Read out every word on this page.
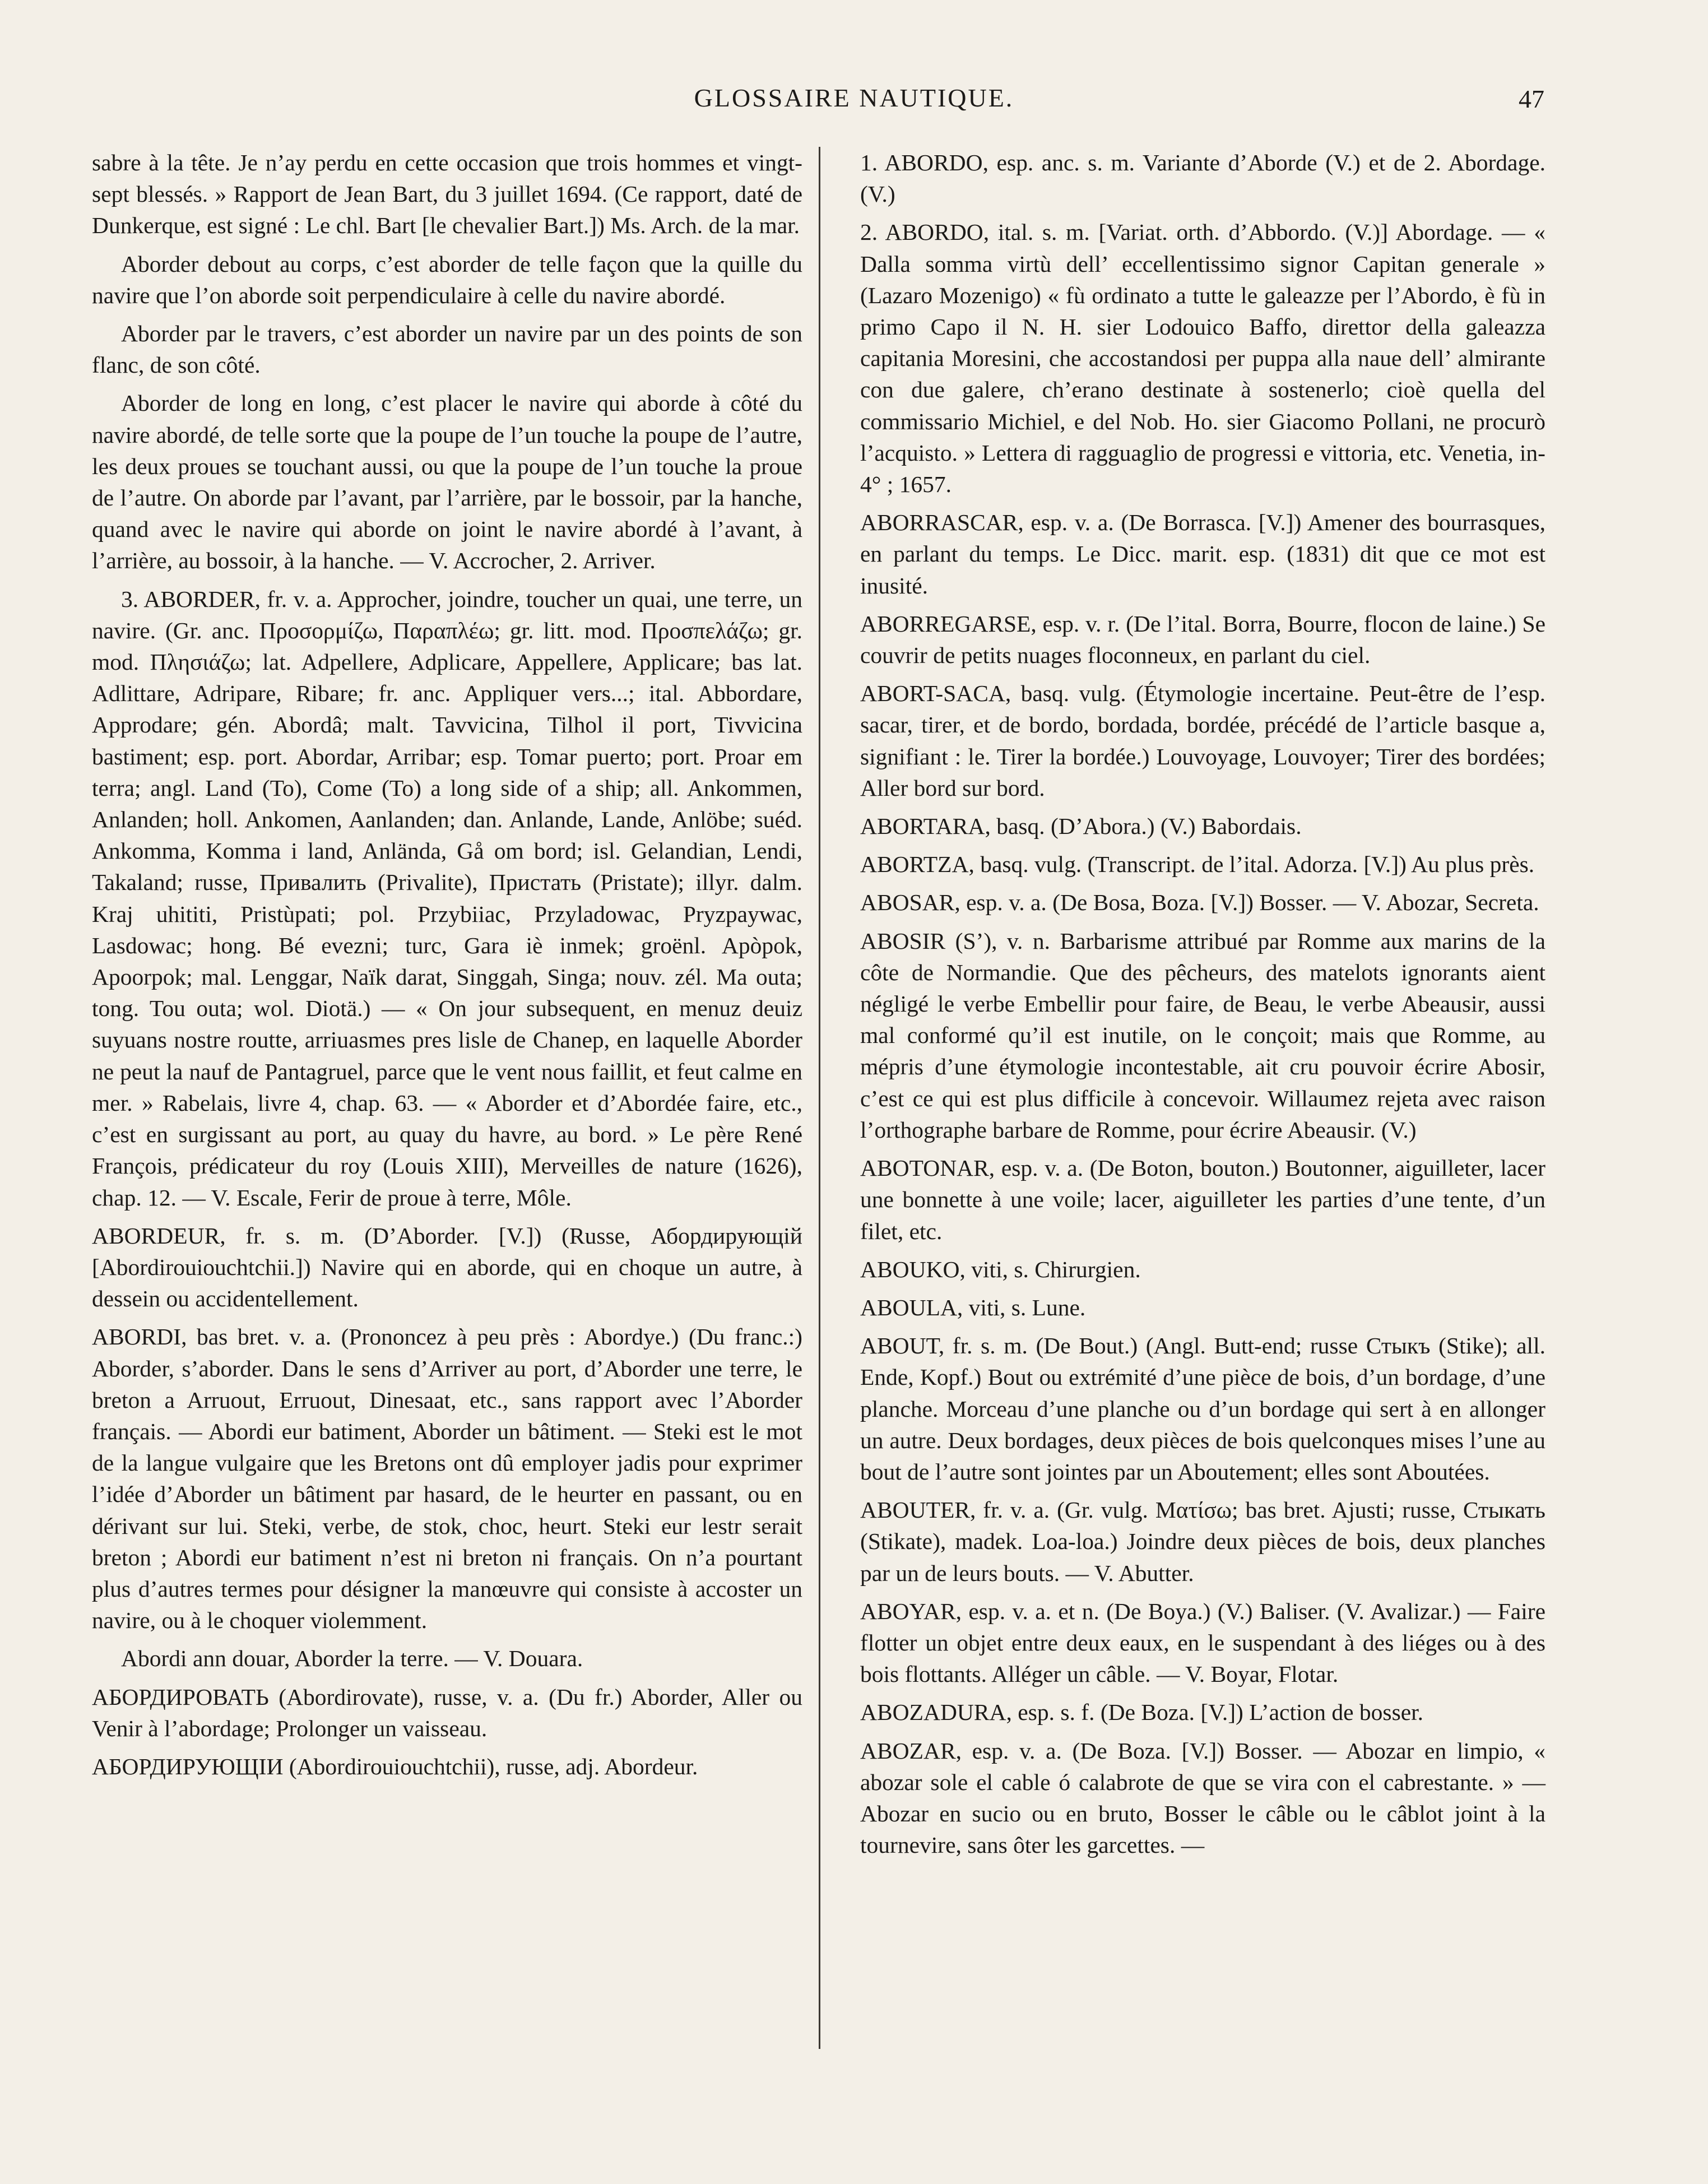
GLOSSAIRE NAUTIQUE.	47

sabre à la tête. Je n’ay perdu en cette occasion que trois hommes et vingt-sept blessés. » Rapport de Jean Bart, du 3 juillet 1694. (Ce rapport, daté de Dunkerque, est signé : Le chl. Bart [le chevalier Bart.]) Ms. Arch. de la mar.

Aborder debout au corps, c’est aborder de telle façon que la quille du navire que l’on aborde soit perpendiculaire à celle du navire abordé.

Aborder par le travers, c’est aborder un navire par un des points de son flanc, de son côté.

Aborder de long en long, c’est placer le navire qui aborde à côté du navire abordé, de telle sorte que la poupe de l’un touche la poupe de l’autre, les deux proues se touchant aussi, ou que la poupe de l’un touche la proue de l’autre. On aborde par l’avant, par l’arrière, par le bossoir, par la hanche, quand avec le navire qui aborde on joint le navire abordé à l’avant, à l’arrière, au bossoir, à la hanche. — V. Accrocher, 2. Arriver.

3. ABORDER, fr. v. a. Approcher, joindre, toucher un quai, une terre, un navire. (Gr. anc. Προσορμίζω, Παραπλέω; gr. litt. mod. Προσπελάζω; gr. mod. Πλησιάζω; lat. Adpellere, Adplicare, Appellere, Applicare; bas lat. Adlittare, Adripare, Ribare; fr. anc. Appliquer vers...; ital. Abbordare, Approdare; gén. Abordâ; malt. Tavvicina, Tilhol il port, Tivvicina bastiment; esp. port. Abordar, Arribar; esp. Tomar puerto; port. Proar em terra; angl. Land (To), Come (To) a long side of a ship; all. Ankommen, Anlanden; holl. Ankomen, Aanlanden; dan. Anlande, Lande, Anlöbe; suéd. Ankomma, Komma i land, Anlända, Gå om bord; isl. Gelandian, Lendi, Takaland; russe, Привалить (Privalite), Пристать (Pristate); illyr. dalm. Kraj uhititi, Pristùpati; pol. Przybiiac, Przyladowac, Pryzpaywac, Lasdowac; hong. Bé evezni; turc, Gara iè inmek; groënl. Apòpok, Apoorpok; mal. Lenggar, Naïk darat, Singgah, Singa; nouv. zél. Ma outa; tong. Tou outa; wol. Diotä.) — « On jour subsequent, en menuz deuiz suyuans nostre routte, arriuasmes pres lisle de Chanep, en laquelle Aborder ne peut la nauf de Pantagruel, parce que le vent nous faillit, et feut calme en mer. » Rabelais, livre 4, chap. 63. — « Aborder et d’Abordée faire, etc., c’est en surgissant au port, au quay du havre, au bord. » Le père René François, prédicateur du roy (Louis XIII), Merveilles de nature (1626), chap. 12. — V. Escale, Ferir de proue à terre, Môle.

ABORDEUR, fr. s. m. (D’Aborder. [V.]) (Russe, Абордирующій [Abordirouiouchtchii.]) Navire qui en aborde, qui en choque un autre, à dessein ou accidentellement.

ABORDI, bas bret. v. a. (Prononcez à peu près : Abordye.) (Du franc.:) Aborder, s’aborder. Dans le sens d’Arriver au port, d’Aborder une terre, le breton a Arruout, Erruout, Dinesaat, etc., sans rapport avec l’Aborder français. — Abordi eur batiment, Aborder un bâtiment. — Steki est le mot de la langue vulgaire que les Bretons ont dû employer jadis pour exprimer l’idée d’Aborder un bâtiment par hasard, de le heurter en passant, ou en dérivant sur lui. Steki, verbe, de stok, choc, heurt. Steki eur lestr serait breton ; Abordi eur batiment n’est ni breton ni français. On n’a pourtant plus d’autres termes pour désigner la manœuvre qui consiste à accoster un navire, ou à le choquer violemment.

Abordi ann douar, Aborder la terre. — V. Douara.

АБОРДИРОВАТЬ (Abordirovate), russe, v. a. (Du fr.) Aborder, Aller ou Venir à l’abordage; Prolonger un vaisseau.

АБОРДИРУЮЩІИ (Abordirouiouchtchii), russe, adj. Abordeur.

1. ABORDO, esp. anc. s. m. Variante d’Aborde (V.) et de 2. Abordage. (V.)

2. ABORDO, ital. s. m. [Variat. orth. d’Abbordo. (V.)] Abordage. — « Dalla somma virtù dell’ eccellentissimo signor Capitan generale » (Lazaro Mozenigo) « fù ordinato a tutte le galeazze per l’Abordo, è fù in primo Capo il N. H. sier Lodouico Baffo, direttor della galeazza capitania Moresini, che accostandosi per puppa alla naue dell’ almirante con due galere, ch’erano destinate à sostenerlo; cioè quella del commissario Michiel, e del Nob. Ho. sier Giacomo Pollani, ne procurò l’acquisto. » Lettera di ragguaglio de progressi e vittoria, etc. Venetia, in-4° ; 1657.

ABORRASCAR, esp. v. a. (De Borrasca. [V.]) Amener des bourrasques, en parlant du temps. Le Dicc. marit. esp. (1831) dit que ce mot est inusité.

ABORREGARSE, esp. v. r. (De l’ital. Borra, Bourre, flocon de laine.) Se couvrir de petits nuages floconneux, en parlant du ciel.

ABORT-SACA, basq. vulg. (Étymologie incertaine. Peut-être de l’esp. sacar, tirer, et de bordo, bordada, bordée, précédé de l’article basque a, signifiant : le. Tirer la bordée.) Louvoyage, Louvoyer; Tirer des bordées; Aller bord sur bord.

ABORTARA, basq. (D’Abora.) (V.) Babordais.

ABORTZA, basq. vulg. (Transcript. de l’ital. Adorza. [V.]) Au plus près.

ABOSAR, esp. v. a. (De Bosa, Boza. [V.]) Bosser. — V. Abozar, Secreta.

ABOSIR (S’), v. n. Barbarisme attribué par Romme aux marins de la côte de Normandie. Que des pêcheurs, des matelots ignorants aient négligé le verbe Embellir pour faire, de Beau, le verbe Abeausir, aussi mal conformé qu’il est inutile, on le conçoit; mais que Romme, au mépris d’une étymologie incontestable, ait cru pouvoir écrire Abosir, c’est ce qui est plus difficile à concevoir. Willaumez rejeta avec raison l’orthographe barbare de Romme, pour écrire Abeausir. (V.)

ABOTONAR, esp. v. a. (De Boton, bouton.) Boutonner, aiguilleter, lacer une bonnette à une voile; lacer, aiguilleter les parties d’une tente, d’un filet, etc.

ABOUKO, viti, s. Chirurgien.

ABOULA, viti, s. Lune.

ABOUT, fr. s. m. (De Bout.) (Angl. Butt-end; russe Стыкъ (Stike); all. Ende, Kopf.) Bout ou extrémité d’une pièce de bois, d’un bordage, d’une planche. Morceau d’une planche ou d’un bordage qui sert à en allonger un autre. Deux bordages, deux pièces de bois quelconques mises l’une au bout de l’autre sont jointes par un Aboutement; elles sont Aboutées.

ABOUTER, fr. v. a. (Gr. vulg. Ματίσω; bas bret. Ajusti; russe, Стыкать (Stikate), madek. Loa-loa.) Joindre deux pièces de bois, deux planches par un de leurs bouts. — V. Abutter.

ABOYAR, esp. v. a. et n. (De Boya.) (V.) Baliser. (V. Avalizar.) — Faire flotter un objet entre deux eaux, en le suspendant à des liéges ou à des bois flottants. Alléger un câble. — V. Boyar, Flotar.

ABOZADURA, esp. s. f. (De Boza. [V.]) L’action de bosser.

ABOZAR, esp. v. a. (De Boza. [V.]) Bosser. — Abozar en limpio, « abozar sole el cable ó calabrote de que se vira con el cabrestante. » — Abozar en sucio ou en bruto, Bosser le câble ou le câblot joint à la tournevire, sans ôter les garcettes. —
